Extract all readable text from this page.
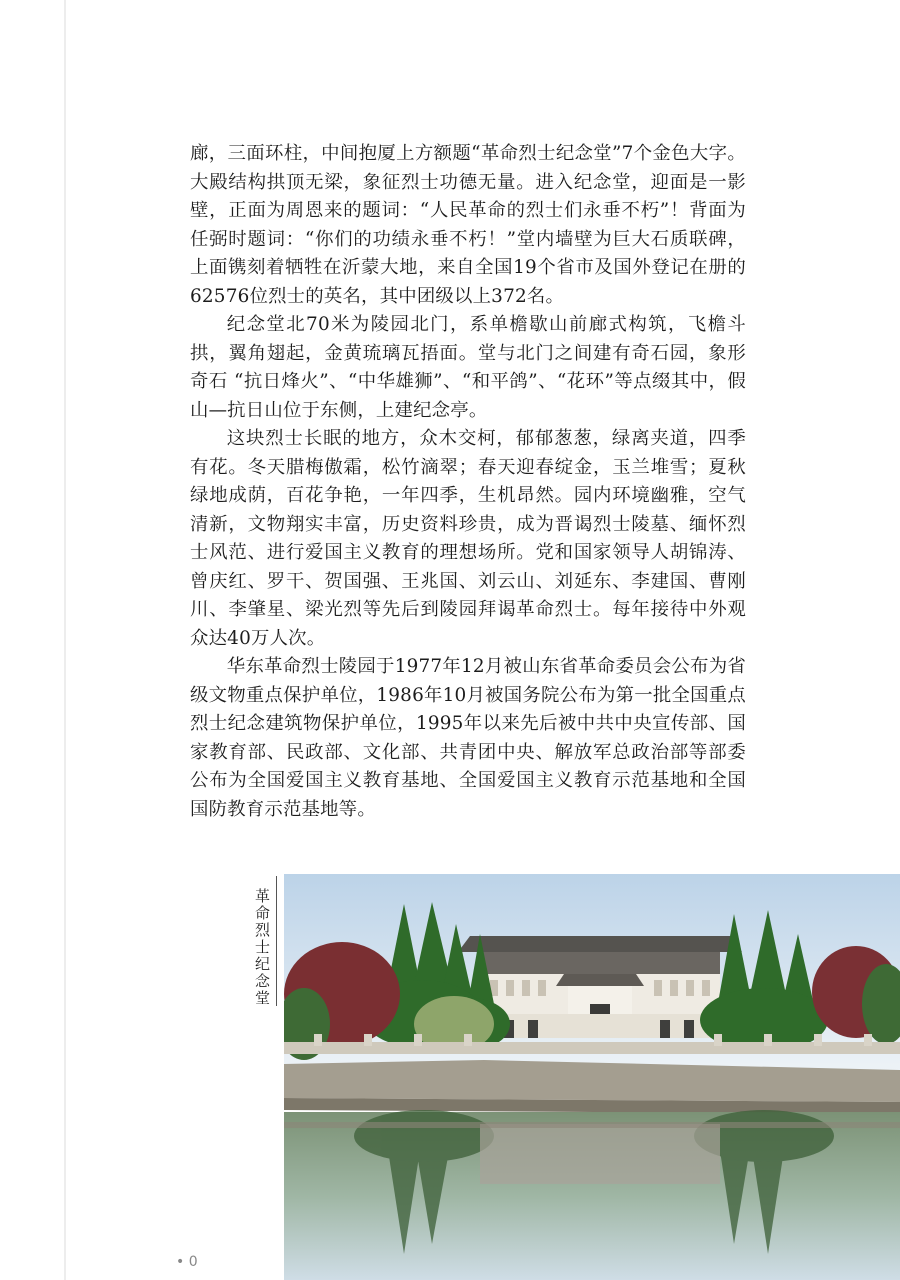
廊，三面环柱，中间抱厦上方额题“革命烈士纪念堂”7个金色大字。大殿结构拱顶无梁，象征烈士功德无量。进入纪念堂，迎面是一影壁，正面为周恩来的题词：“人民革命的烈士们永垂不朽”！背面为任弼时题词：“你们的功绩永垂不朽！”堂内墙壁为巨大石质联碑，上面镌刻着牺牲在沂蒙大地，来自全国19个省市及国外登记在册的62576位烈士的英名，其中团级以上372名。

纪念堂北70米为陵园北门，系单檐歇山前廊式构筑，飞檐斗拱，翼角翅起，金黄琉璃瓦捂面。堂与北门之间建有奇石园，象形奇石 “抗日烽火”、“中华雄狮”、“和平鸽”、“花环”等点缀其中，假山—抗日山位于东侧，上建纪念亭。

这块烈士长眠的地方，众木交柯，郁郁葱葱，绿离夹道，四季有花。冬天腊梅傲霜，松竹滴翠；春天迎春绽金，玉兰堆雪；夏秋绿地成荫，百花争艳，一年四季，生机昂然。园内环境幽雅，空气清新，文物翔实丰富，历史资料珍贵，成为晋谒烈士陵墓、缅怀烈士风范、进行爱国主义教育的理想场所。党和国家领导人胡锦涛、曾庆红、罗干、贺国强、王兆国、刘云山、刘延东、李建国、曹刚川、李肇星、梁光烈等先后到陵园拜谒革命烈士。每年接待中外观众达40万人次。

华东革命烈士陵园于1977年12月被山东省革命委员会公布为省级文物重点保护单位，1986年10月被国务院公布为第一批全国重点烈士纪念建筑物保护单位，1995年以来先后被中共中央宣传部、国家教育部、民政部、文化部、共青团中央、解放军总政治部等部委公布为全国爱国主义教育基地、全国爱国主义教育示范基地和全国国防教育示范基地等。

革命烈士纪念堂
• 0
